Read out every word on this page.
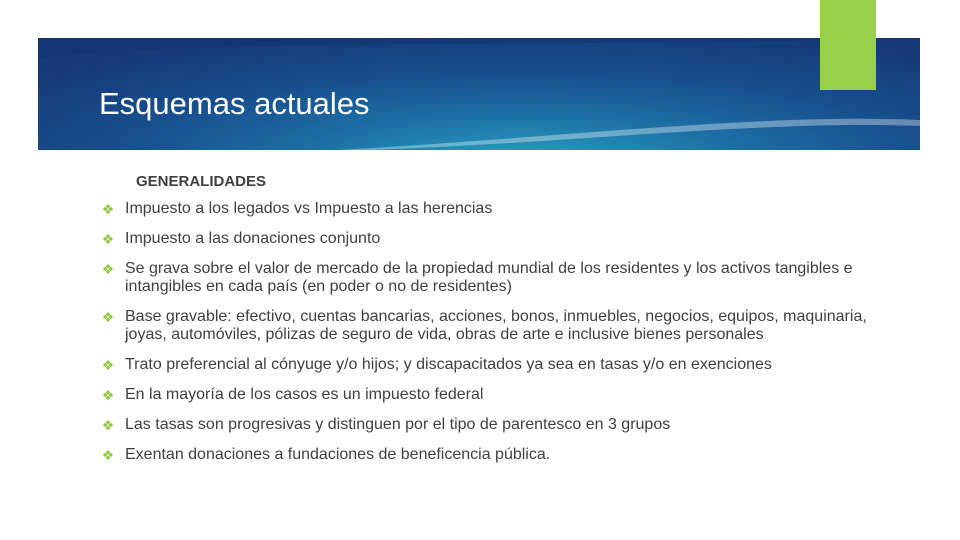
Esquemas actuales
GENERALIDADES
❖ Impuesto a los legados vs Impuesto a las herencias
❖ Impuesto a las donaciones conjunto
❖ Se grava sobre el valor de mercado de la propiedad mundial de los residentes y los activos tangibles e intangibles en cada país (en poder o no de residentes)
❖ Base gravable: efectivo, cuentas bancarias, acciones, bonos, inmuebles, negocios, equipos, maquinaria, joyas, automóviles, pólizas de seguro de vida, obras de arte e inclusive bienes personales
❖ Trato preferencial al cónyuge y/o hijos; y discapacitados ya sea en tasas y/o en exenciones
❖ En la mayoría de los casos es un impuesto federal
❖ Las tasas son progresivas y distinguen por el tipo de parentesco en 3 grupos
❖ Exentan donaciones a fundaciones de beneficencia pública.
